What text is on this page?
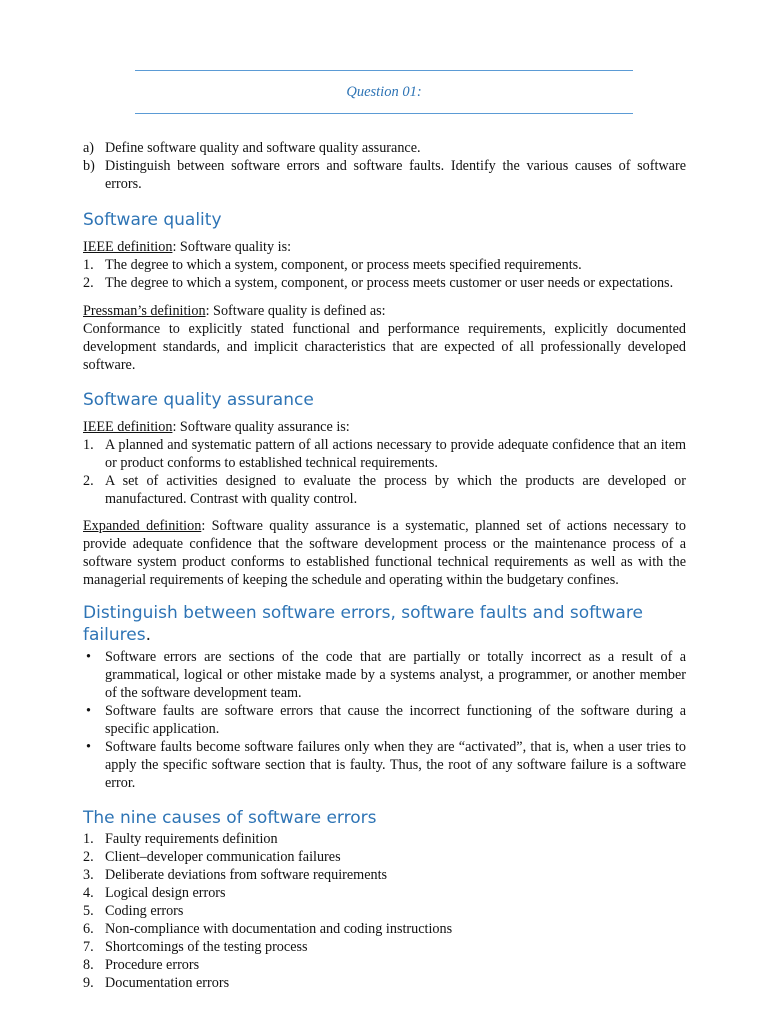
Question 01:
a) Define software quality and software quality assurance.
b) Distinguish between software errors and software faults. Identify the various causes of software errors.
Software quality

IEEE definition: Software quality is:

1. The degree to which a system, component, or process meets specified requirements.
2. The degree to which a system, component, or process meets customer or user needs or expectations.

Pressman’s definition: Software quality is defined as:

Conformance to explicitly stated functional and performance requirements, explicitly documented development standards, and implicit characteristics that are expected of all professionally developed software.

Software quality assurance

IEEE definition: Software quality assurance is:

1. A planned and systematic pattern of all actions necessary to provide adequate confidence that an item or product conforms to established technical requirements.
2. A set of activities designed to evaluate the process by which the products are developed or manufactured. Contrast with quality control.

Expanded definition: Software quality assurance is a systematic, planned set of actions necessary to provide adequate confidence that the software development process or the maintenance process of a software system product conforms to established functional technical requirements as well as with the managerial requirements of keeping the schedule and operating within the budgetary confines.

Distinguish between software errors, software faults and software failures.
• Software errors are sections of the code that are partially or totally incorrect as a result of a grammatical, logical or other mistake made by a systems analyst, a programmer, or another member of the software development team.
• Software faults are software errors that cause the incorrect functioning of the software during a specific application.
• Software faults become software failures only when they are “activated”, that is, when a user tries to apply the specific software section that is faulty. Thus, the root of any software failure is a software error.
The nine causes of software errors
1. Faulty requirements definition
2. Client–developer communication failures
3. Deliberate deviations from software requirements
4. Logical design errors
5. Coding errors
6. Non-compliance with documentation and coding instructions
7. Shortcomings of the testing process
8. Procedure errors
9. Documentation errors
